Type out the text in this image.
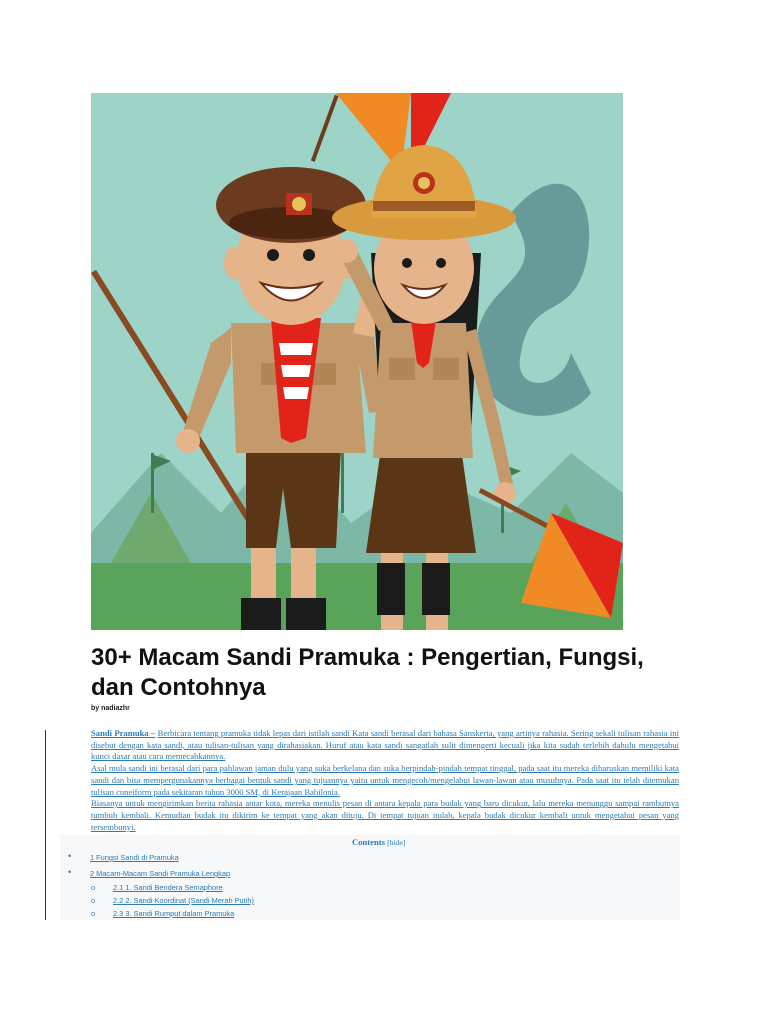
30+ Macam Sandi Pramuka : Pengertian, Fungsi, dan Contohnya
by nadiazhr

Sandi Pramuka – Berbicara tentang pramuka tidak lepas dari istilah sandi Kata sandi berasal dari bahasa Sanskerta, yang artinya rahasia. Sering sekali tulisan rahasia ini disebut dengan kata sandi, atau tulisan-tulisan yang dirahasiakan. Huruf atau kata sandi sangatlah sulit dimengerti kecuali jika kita sudah terlebih dahulu mengetahui kunci dasar atau cara memecahkannya.

Asal mula sandi ini berasal dari para pahlawan jaman dulu yang suka berkelana dan suka berpindah-pindah tempat tinggal, pada saat itu mereka diharuskan memiliki kata sandi dan bisa mempergunakannya berbagai bentuk sandi yang tujuannya yaitu untuk mengecoh/mengelabui lawan-lawan atau musuhnya. Pada saat itu telah ditemukan tulisan cuneiform pada sekitaran tahun 3000 SM, di Kerajaan Babilonia.

Biasanya untuk mengirimkan berita rahasia antar kota, mereka menulis pesan di antara kepala para budak yang baru dicukur, lalu mereka menunggu sampai rambutnya tumbuh kembali. Kemudian budak itu dikirim ke tempat yang akan dituju. Di tempat tujuan itulah, kepala budak dicukur kembali untuk mengetahui pesan yang tersembunyi.

Contents [hide]
•	1 Fungsi Sandi di Pramuka
•	2 Macam-Macam Sandi Pramuka Lengkap
o 2.1 1. Sandi Bendera Semaphore
o 2.2 2. Sandi Koordinat (Sandi Merah Putih)
o 2.3 3. Sandi Rumput dalam Pramuka
